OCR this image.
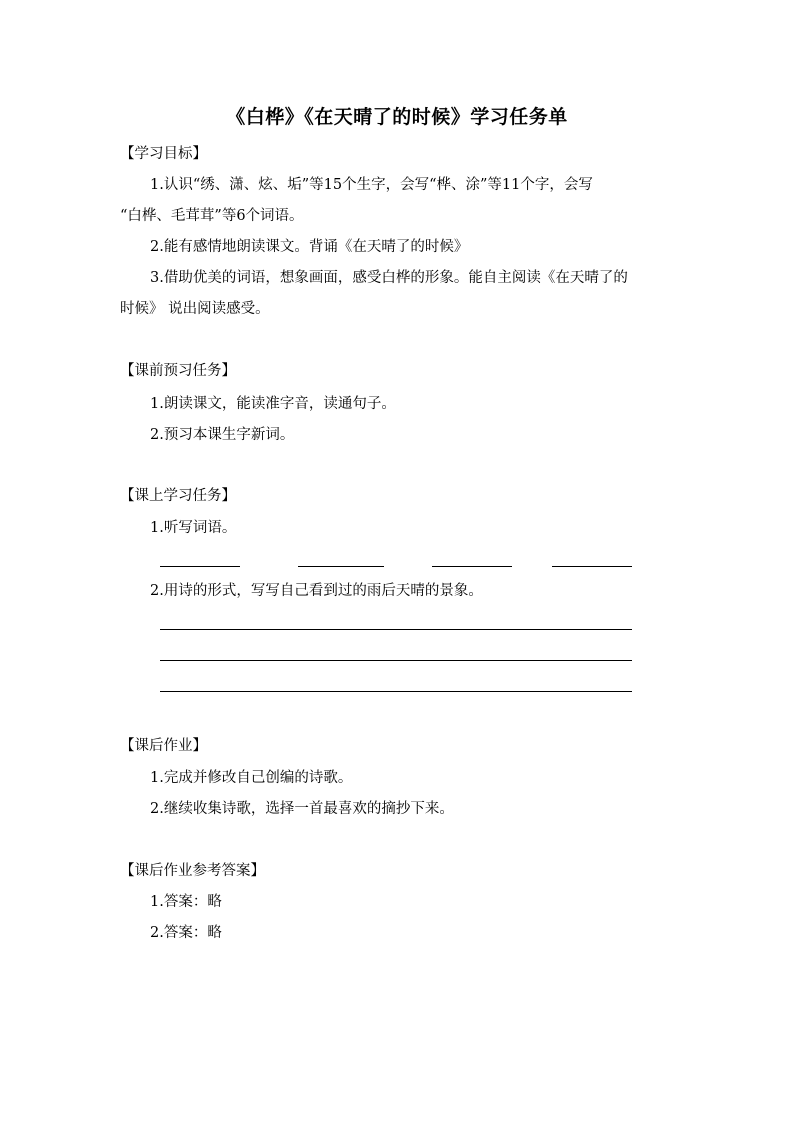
《白桦》《在天晴了的时候》学习任务单
【学习目标】
1.认识“绣、潇、炫、垢”等15个生字，会写“桦、涂”等11个字，会写
“白桦、毛茸茸”等6个词语。
2.能有感情地朗读课文。背诵《在天晴了的时候》
3.借助优美的词语，想象画面，感受白桦的形象。能自主阅读《在天晴了的
时候》 说出阅读感受。
【课前预习任务】
1.朗读课文，能读准字音，读通句子。
2.预习本课生字新词。
【课上学习任务】
1.听写词语。
2.用诗的形式，写写自己看到过的雨后天晴的景象。
【课后作业】
1.完成并修改自己创编的诗歌。
2.继续收集诗歌，选择一首最喜欢的摘抄下来。
【课后作业参考答案】
1.答案：略
2.答案：略
